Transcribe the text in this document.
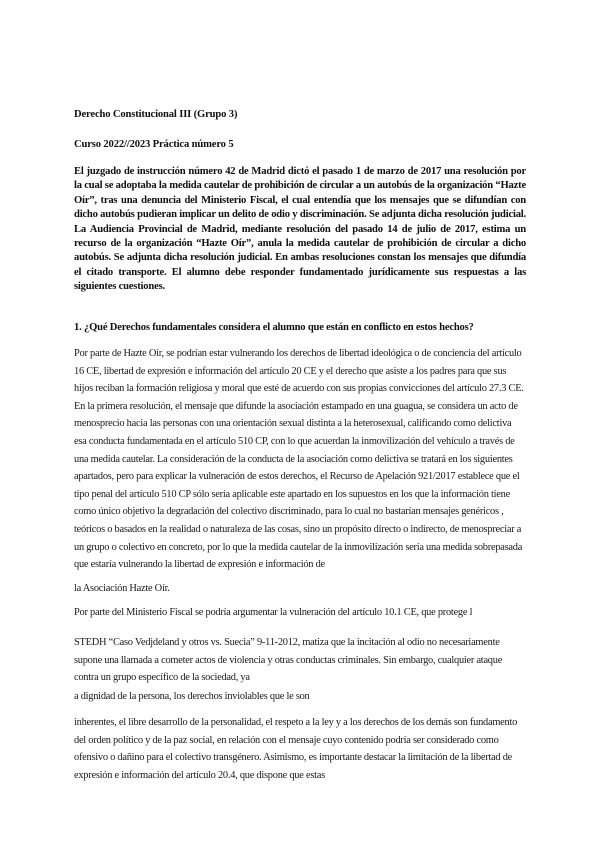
Derecho Constitucional III (Grupo 3)

Curso 2022//2023 Práctica número 5

El juzgado de instrucción número 42 de Madrid dictó el pasado 1 de marzo de 2017 una resolución por la cual se adoptaba la medida cautelar de prohibición de circular a un autobús de la organización “Hazte Oír”, tras una denuncia del Ministerio Fiscal, el cual entendía que los mensajes que se difundían con dicho autobús pudieran implicar un delito de odio y discriminación. Se adjunta dicha resolución judicial. La Audiencia Provincial de Madrid, mediante resolución del pasado 14 de julio de 2017, estima un recurso de la organización “Hazte Oír”, anula la medida cautelar de prohibición de circular a dicho autobús. Se adjunta dicha resolución judicial. En ambas resoluciones constan los mensajes que difundía el citado transporte. El alumno debe responder fundamentado jurídicamente sus respuestas a las siguientes cuestiones.

1. ¿Qué Derechos fundamentales considera el alumno que están en conflicto en estos hechos?

Por parte de Hazte Oír, se podrían estar vulnerando los derechos de libertad ideológica o de conciencia del artículo 16 CE, libertad de expresión e información del artículo 20 CE y el derecho que asiste a los padres para que sus hijos reciban la formación religiosa y moral que esté de acuerdo con sus propias convicciones del artículo 27.3 CE. En la primera resolución, el mensaje que difunde la asociación estampado en una guagua, se considera un acto de menosprecio hacia las personas con una orientación sexual distinta a la heterosexual, calificando como delictiva esa conducta fundamentada en el artículo 510 CP, con lo que acuerdan la inmovilización del vehículo a través de una medida cautelar. La consideración de la conducta de la asociación como delictiva se tratará en los siguientes apartados, pero para explicar la vulneración de estos derechos, el Recurso de Apelación 921/2017 establece que el tipo penal del artículo 510 CP sólo sería aplicable este apartado en los supuestos en los que la información tiene como único objetivo la degradación del colectivo discriminado, para lo cual no bastarían mensajes genéricos , teóricos o basados en la realidad o naturaleza de las cosas, sino un propósito directo o indirecto, de menospreciar a un grupo o colectivo en concreto, por lo que la medida cautelar de la inmovilización sería una medida sobrepasada que estaría vulnerando la libertad de expresión e información de

la Asociación Hazte Oír.

Por parte del Ministerio Fiscal se podría argumentar la vulneración del artículo 10.1 CE, que protege l

STEDH “Caso Vedjdeland y otros vs. Suecia” 9-11-2012, matiza que la incitación al odio no necesariamente supone una llamada a cometer actos de violencia y otras conductas criminales. Sin embargo, cualquier ataque contra un grupo específico de la sociedad, ya

a dignidad de la persona, los derechos inviolables que le son

inherentes, el libre desarrollo de la personalidad, el respeto a la ley y a los derechos de los demás son fundamento del orden político y de la paz social, en relación con el mensaje cuyo contenido podría ser considerado como ofensivo o dañino para el colectivo transgénero. Asimismo, es importante destacar la limitación de la libertad de expresión e información del artículo 20.4, que dispone que estas
